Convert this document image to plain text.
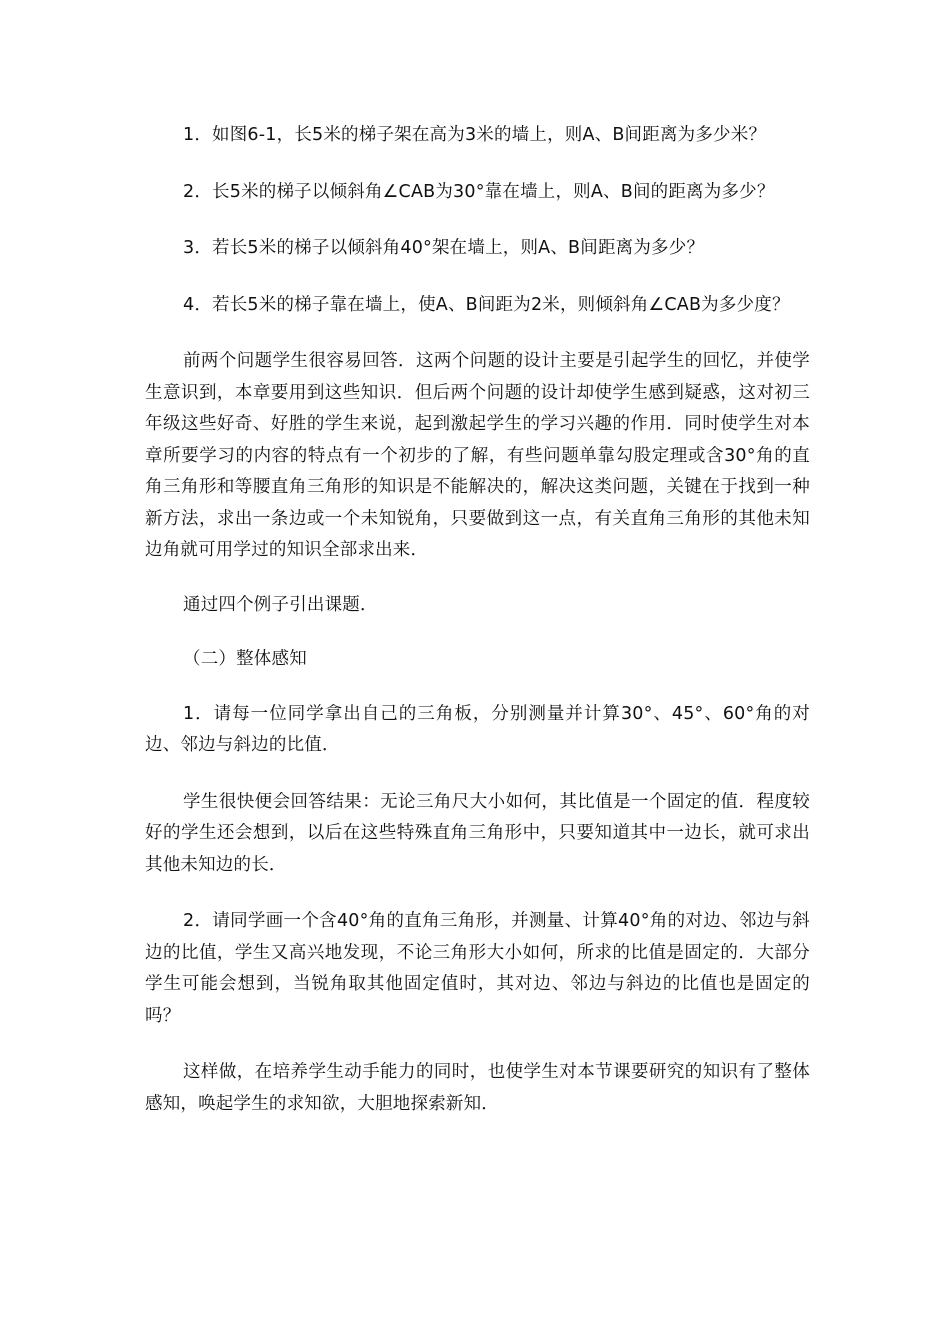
1．如图6-1，长5米的梯子架在高为3米的墙上，则A、B间距离为多少米？

2．长5米的梯子以倾斜角∠CAB为30°靠在墙上，则A、B间的距离为多少？

3．若长5米的梯子以倾斜角40°架在墙上，则A、B间距离为多少？

4．若长5米的梯子靠在墙上，使A、B间距为2米，则倾斜角∠CAB为多少度？

前两个问题学生很容易回答．这两个问题的设计主要是引起学生的回忆，并使学生意识到，本章要用到这些知识．但后两个问题的设计却使学生感到疑惑，这对初三年级这些好奇、好胜的学生来说，起到激起学生的学习兴趣的作用．同时使学生对本章所要学习的内容的特点有一个初步的了解，有些问题单靠勾股定理或含30°角的直角三角形和等腰直角三角形的知识是不能解决的，解决这类问题，关键在于找到一种新方法，求出一条边或一个未知锐角，只要做到这一点，有关直角三角形的其他未知边角就可用学过的知识全部求出来．

通过四个例子引出课题．

（二）整体感知

1．请每一位同学拿出自己的三角板，分别测量并计算30°、45°、60°角的对边、邻边与斜边的比值．

学生很快便会回答结果：无论三角尺大小如何，其比值是一个固定的值．程度较好的学生还会想到，以后在这些特殊直角三角形中，只要知道其中一边长，就可求出其他未知边的长．

2．请同学画一个含40°角的直角三角形，并测量、计算40°角的对边、邻边与斜边的比值，学生又高兴地发现，不论三角形大小如何，所求的比值是固定的．大部分学生可能会想到，当锐角取其他固定值时，其对边、邻边与斜边的比值也是固定的吗？

这样做，在培养学生动手能力的同时，也使学生对本节课要研究的知识有了整体感知，唤起学生的求知欲，大胆地探索新知．
